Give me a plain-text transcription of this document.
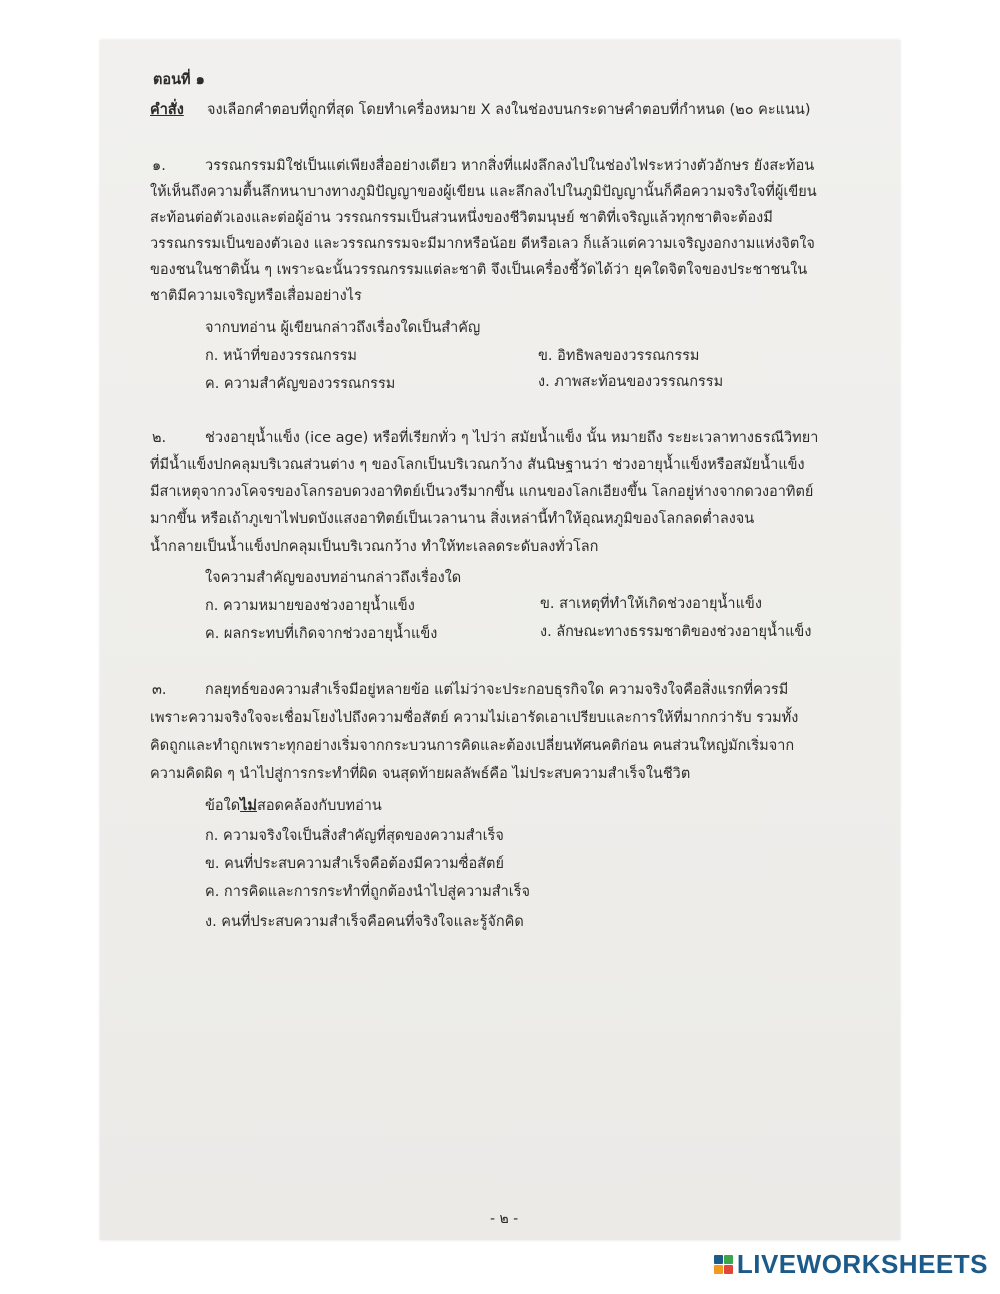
ตอนที่ ๑
คำสั่ง จงเลือกคำตอบที่ถูกที่สุด โดยทำเครื่องหมาย X ลงในช่องบนกระดาษคำตอบที่กำหนด (๒๐ คะแนน)
๑.	วรรณกรรมมิใช่เป็นแต่เพียงสื่ออย่างเดียว หากสิ่งที่แฝงลึกลงไปในช่องไฟระหว่างตัวอักษร ยังสะท้อน
ให้เห็นถึงความตื้นลึกหนาบางทางภูมิปัญญาของผู้เขียน และลึกลงไปในภูมิปัญญานั้นก็คือความจริงใจที่ผู้เขียน
สะท้อนต่อตัวเองและต่อผู้อ่าน วรรณกรรมเป็นส่วนหนึ่งของชีวิตมนุษย์ ชาติที่เจริญแล้วทุกชาติจะต้องมี
วรรณกรรมเป็นของตัวเอง และวรรณกรรมจะมีมากหรือน้อย ดีหรือเลว ก็แล้วแต่ความเจริญงอกงามแห่งจิตใจ
ของชนในชาตินั้น ๆ เพราะฉะนั้นวรรณกรรมแต่ละชาติ จึงเป็นเครื่องชี้วัดได้ว่า ยุคใดจิตใจของประชาชนใน
ชาติมีความเจริญหรือเสื่อมอย่างไร
จากบทอ่าน ผู้เขียนกล่าวถึงเรื่องใดเป็นสำคัญ
ก. หน้าที่ของวรรณกรรม	ข. อิทธิพลของวรรณกรรม
ค. ความสำคัญของวรรณกรรม	ง. ภาพสะท้อนของวรรณกรรม
๒.	ช่วงอายุน้ำแข็ง (ice age) หรือที่เรียกทั่ว ๆ ไปว่า สมัยน้ำแข็ง นั้น หมายถึง ระยะเวลาทางธรณีวิทยา
ที่มีน้ำแข็งปกคลุมบริเวณส่วนต่าง ๆ ของโลกเป็นบริเวณกว้าง สันนิษฐานว่า ช่วงอายุน้ำแข็งหรือสมัยน้ำแข็ง
มีสาเหตุจากวงโคจรของโลกรอบดวงอาทิตย์เป็นวงรีมากขึ้น แกนของโลกเอียงขึ้น โลกอยู่ห่างจากดวงอาทิตย์
มากขึ้น หรือเถ้าภูเขาไฟบดบังแสงอาทิตย์เป็นเวลานาน สิ่งเหล่านี้ทำให้อุณหภูมิของโลกลดต่ำลงจน
น้ำกลายเป็นน้ำแข็งปกคลุมเป็นบริเวณกว้าง ทำให้ทะเลลดระดับลงทั่วโลก
ใจความสำคัญของบทอ่านกล่าวถึงเรื่องใด
ก. ความหมายของช่วงอายุน้ำแข็ง	ข. สาเหตุที่ทำให้เกิดช่วงอายุน้ำแข็ง
ค. ผลกระทบที่เกิดจากช่วงอายุน้ำแข็ง	ง. ลักษณะทางธรรมชาติของช่วงอายุน้ำแข็ง
๓.	กลยุทธ์ของความสำเร็จมีอยู่หลายข้อ แต่ไม่ว่าจะประกอบธุรกิจใด ความจริงใจคือสิ่งแรกที่ควรมี
เพราะความจริงใจจะเชื่อมโยงไปถึงความซื่อสัตย์ ความไม่เอารัดเอาเปรียบและการให้ที่มากกว่ารับ รวมทั้ง
คิดถูกและทำถูกเพราะทุกอย่างเริ่มจากกระบวนการคิดและต้องเปลี่ยนทัศนคติก่อน คนส่วนใหญ่มักเริ่มจาก
ความคิดผิด ๆ นำไปสู่การกระทำที่ผิด จนสุดท้ายผลลัพธ์คือ ไม่ประสบความสำเร็จในชีวิต
ข้อใดไม่สอดคล้องกับบทอ่าน
ก. ความจริงใจเป็นสิ่งสำคัญที่สุดของความสำเร็จ
ข. คนที่ประสบความสำเร็จคือต้องมีความซื่อสัตย์
ค. การคิดและการกระทำที่ถูกต้องนำไปสู่ความสำเร็จ
ง. คนที่ประสบความสำเร็จคือคนที่จริงใจและรู้จักคิด
- ๒ -
LIVEWORKSHEETS
